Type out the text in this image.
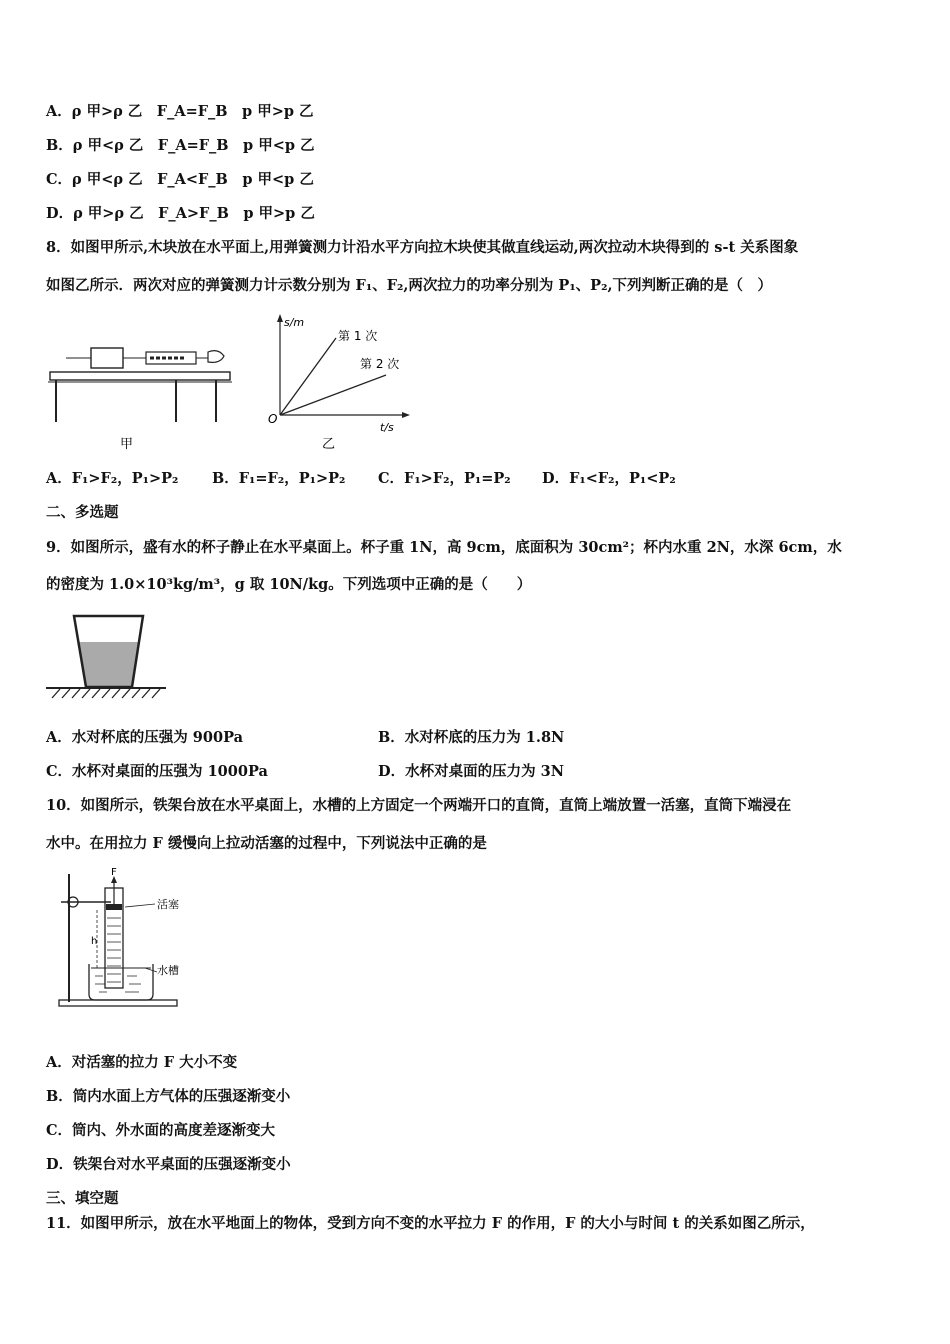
A．ρ 甲>ρ 乙　F_A=F_B　p 甲>p 乙
B．ρ 甲<ρ 乙　F_A=F_B　p 甲<p 乙
C．ρ 甲<ρ 乙　F_A<F_B　p 甲<p 乙
D．ρ 甲>ρ 乙　F_A>F_B　p 甲>p 乙
8．如图甲所示,木块放在水平面上,用弹簧测力计沿水平方向拉木块使其做直线运动,两次拉动木块得到的 s-t 关系图象
如图乙所示．两次对应的弹簧测力计示数分别为 F₁、F₂,两次拉力的功率分别为 P₁、P₂,下列判断正确的是（　）
甲
s/m
t/s
O
第 1 次
第 2 次
乙
A．F₁>F₂，P₁>P₂ B．F₁=F₂，P₁>P₂ C．F₁>F₂，P₁=P₂ D．F₁<F₂，P₁<P₂
二、多选题
9．如图所示，盛有水的杯子静止在水平桌面上。杯子重 1N，高 9cm，底面积为 30cm²；杯内水重 2N，水深 6cm，水
的密度为 1.0×10³kg/m³，g 取 10N/kg。下列选项中正确的是（　　）
A．水对杯底的压强为 900Pa	B．水对杯底的压力为 1.8N
C．水杯对桌面的压强为 1000Pa	D．水杯对桌面的压力为 3N
10．如图所示，铁架台放在水平桌面上，水槽的上方固定一个两端开口的直筒，直筒上端放置一活塞，直筒下端浸在
水中。在用拉力 F 缓慢向上拉动活塞的过程中，下列说法中正确的是
F
活塞
h
水槽
A．对活塞的拉力 F 大小不变
B．筒内水面上方气体的压强逐渐变小
C．筒内、外水面的高度差逐渐变大
D．铁架台对水平桌面的压强逐渐变小
三、填空题
11．如图甲所示，放在水平地面上的物体，受到方向不变的水平拉力 F 的作用，F 的大小与时间 t 的关系如图乙所示，
